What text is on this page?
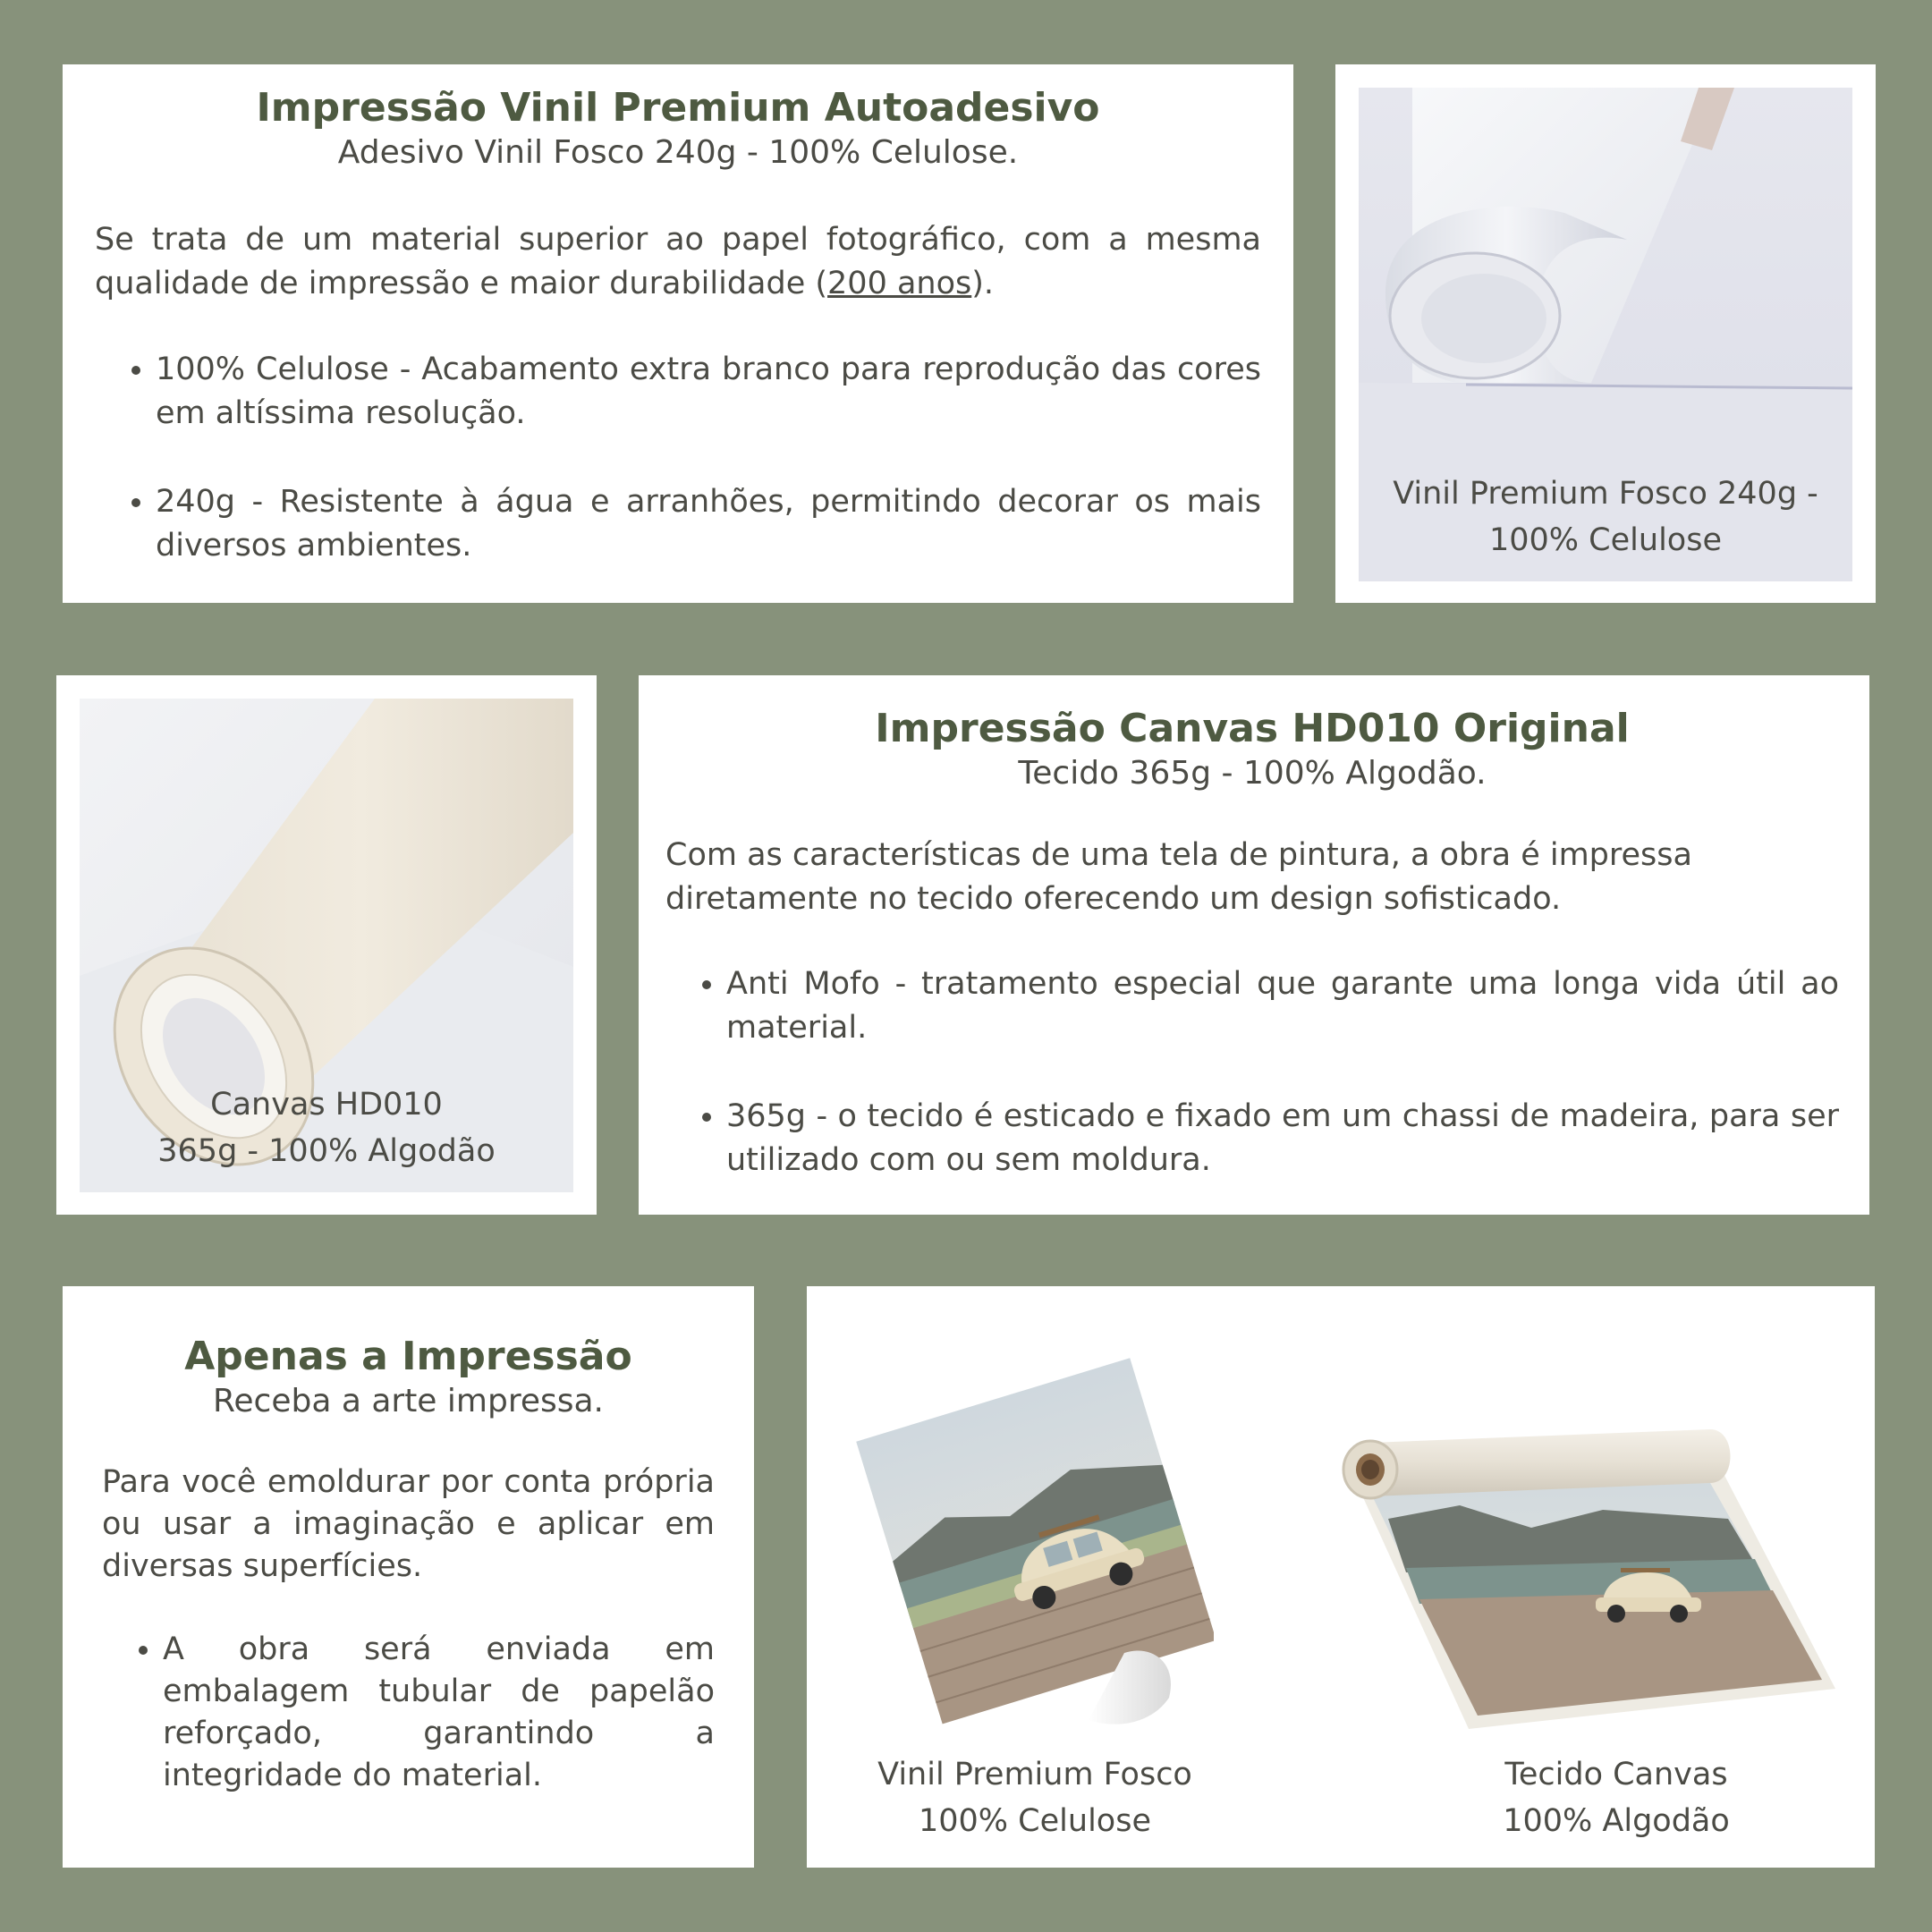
Impressão Vinil Premium Autoadesivo

Adesivo Vinil Fosco 240g - 100% Celulose.

Se trata de um material superior ao papel fotográfico, com a mesma qualidade de impressão e maior durabilidade (200 anos).

• 100% Celulose - Acabamento extra branco para reprodução das cores em altíssima resolução.
• 240g - Resistente à água e arranhões, permitindo decorar os mais diversos ambientes.
Vinil Premium Fosco 240g -
100% Celulose
Canvas HD010
365g - 100% Algodão
Impressão Canvas HD010 Original

Tecido 365g - 100% Algodão.

Com as características de uma tela de pintura, a obra é impressa diretamente no tecido oferecendo um design sofisticado.

• Anti Mofo - tratamento especial que garante uma longa vida útil ao material.
• 365g - o tecido é esticado e fixado em um chassi de madeira, para ser utilizado com ou sem moldura.
Apenas a Impressão

Receba a arte impressa.

Para você emoldurar por conta própria ou usar a imaginação e aplicar em diversas superfícies.

• A obra será enviada em embalagem tubular de papelão reforçado, garantindo a integridade do material.	Vinil Premium Fosco
100% Celulose
Tecido Canvas
100% Algodão
